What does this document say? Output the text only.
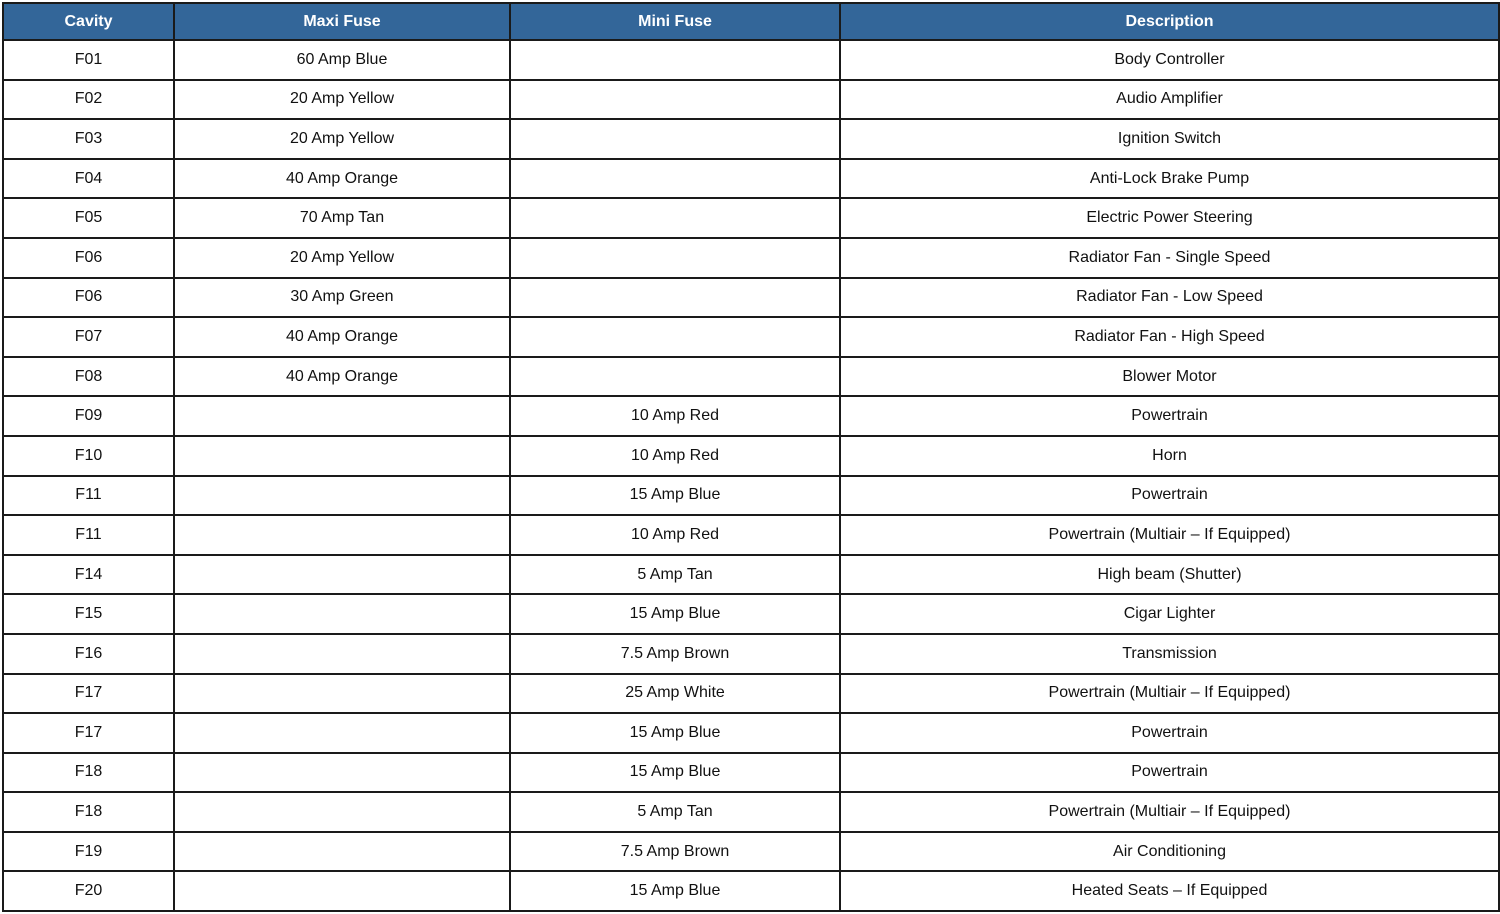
Cavity	Maxi Fuse	Mini Fuse	Description
F01	60 Amp Blue		Body Controller
F02	20 Amp Yellow		Audio Amplifier
F03	20 Amp Yellow		Ignition Switch
F04	40 Amp Orange		Anti-Lock Brake Pump
F05	70 Amp Tan		Electric Power Steering
F06	20 Amp Yellow		Radiator Fan - Single Speed
F06	30 Amp Green		Radiator Fan - Low Speed
F07	40 Amp Orange		Radiator Fan - High Speed
F08	40 Amp Orange		Blower Motor
F09		10 Amp Red	Powertrain
F10		10 Amp Red	Horn
F11		15 Amp Blue	Powertrain
F11		10 Amp Red	Powertrain (Multiair – If Equipped)
F14		5 Amp Tan	High beam (Shutter)
F15		15 Amp Blue	Cigar Lighter
F16		7.5 Amp Brown	Transmission
F17		25 Amp White	Powertrain (Multiair – If Equipped)
F17		15 Amp Blue	Powertrain
F18		15 Amp Blue	Powertrain
F18		5 Amp Tan	Powertrain (Multiair – If Equipped)
F19		7.5 Amp Brown	Air Conditioning
F20		15 Amp Blue	Heated Seats – If Equipped
